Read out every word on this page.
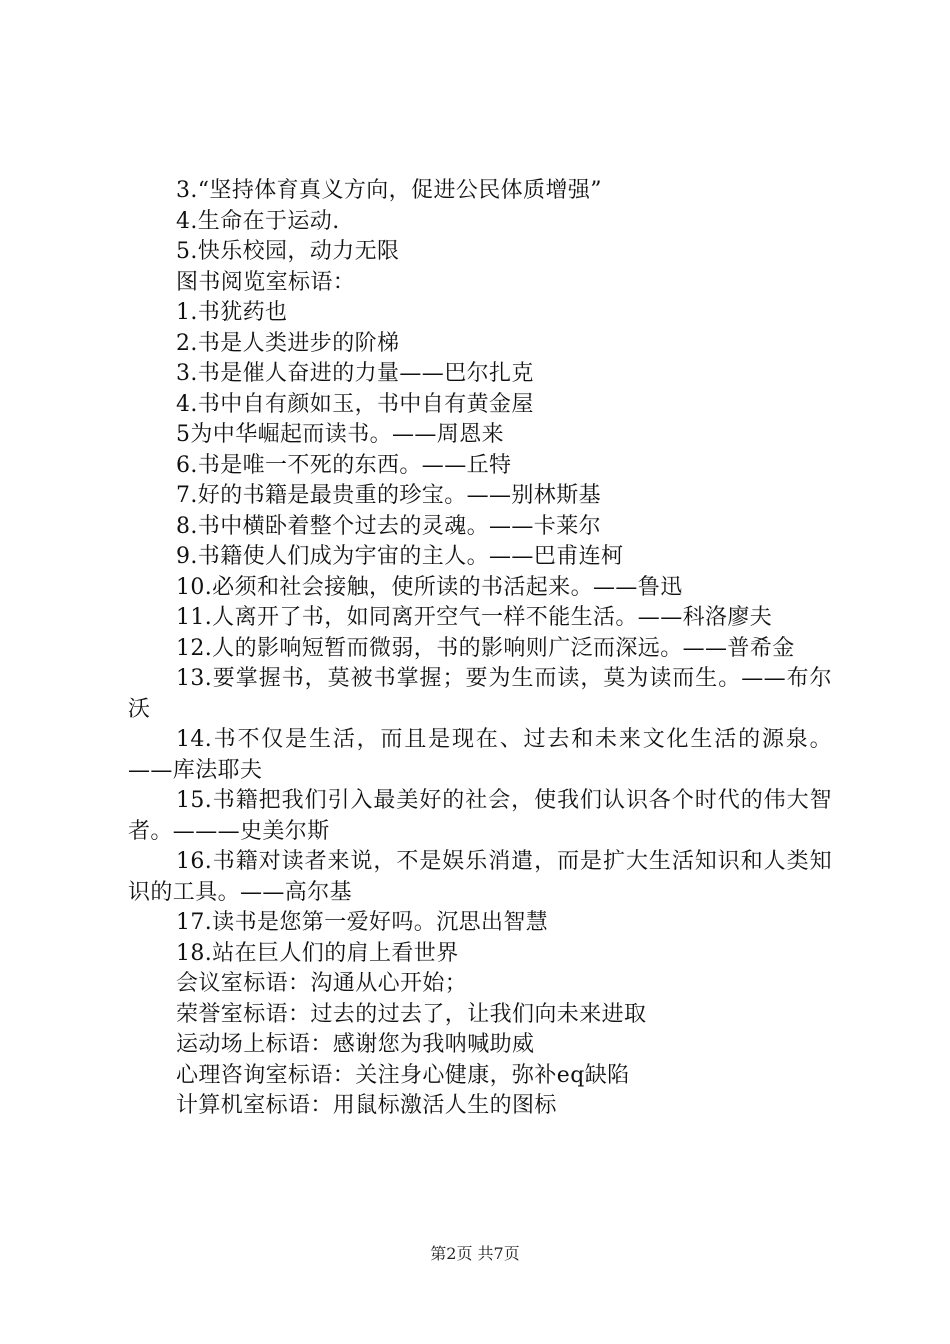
3.“坚持体育真义方向，促进公民体质增强”
4.生命在于运动.
5.快乐校园，动力无限
图书阅览室标语：
1.书犹药也
2.书是人类进步的阶梯
3.书是催人奋进的力量——巴尔扎克
4.书中自有颜如玉，书中自有黄金屋
5为中华崛起而读书。——周恩来
6.书是唯一不死的东西。——丘特
7.好的书籍是最贵重的珍宝。——别林斯基
8.书中横卧着整个过去的灵魂。——卡莱尔
9.书籍使人们成为宇宙的主人。——巴甫连柯
10.必须和社会接触，使所读的书活起来。——鲁迅
11.人离开了书，如同离开空气一样不能生活。——科洛廖夫
12.人的影响短暂而微弱，书的影响则广泛而深远。——普希金
13.要掌握书，莫被书掌握；要为生而读，莫为读而生。——布尔沃
14.书不仅是生活，而且是现在、过去和未来文化生活的源泉。——库法耶夫
15.书籍把我们引入最美好的社会，使我们认识各个时代的伟大智者。———史美尔斯
16.书籍对读者来说，不是娱乐消遣，而是扩大生活知识和人类知识的工具。——高尔基
17.读书是您第一爱好吗。沉思出智慧
18.站在巨人们的肩上看世界
会议室标语：沟通从心开始；
荣誉室标语：过去的过去了，让我们向未来进取
运动场上标语：感谢您为我呐喊助威
心理咨询室标语：关注身心健康，弥补eq缺陷
计算机室标语：用鼠标激活人生的图标
第2页 共7页
